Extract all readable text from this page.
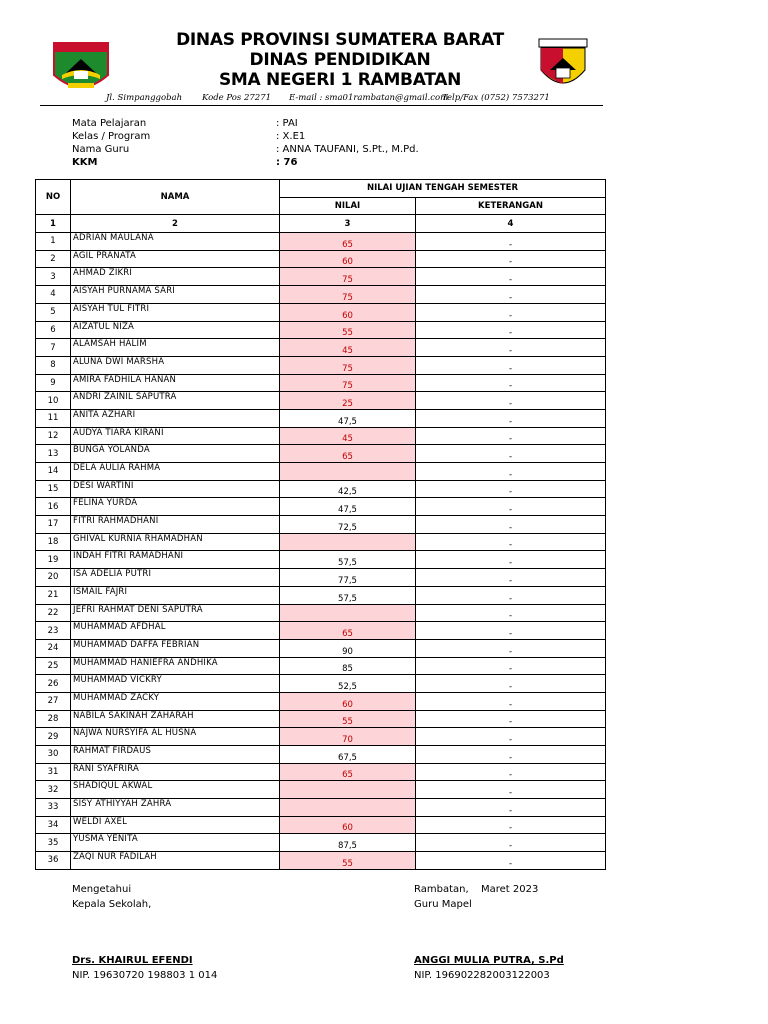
DINAS PROVINSI SUMATERA BARAT
DINAS PENDIDIKAN
SMA NEGERI 1 RAMBATAN
Jl. Simpanggobah Kode Pos 27271 E-mail : sma01rambatan@gmail.com
Telp/Fax (0752) 7573271
Mata Pelajaran	: PAI
Kelas / Program	: X.E1
Nama Guru	: ANNA TAUFANI, S.Pt., M.Pd.
KKM	: 76
NO	NAMA	NILAI UJIAN TENGAH SEMESTER	
		NILAI	KETERANGAN
1	2	3	4
1	ADRIAN MAULANA	65	-
2	AGIL PRANATA	60	-
3	AHMAD ZIKRI	75	-
4	AISYAH PURNAMA SARI	75	-
5	AISYAH TUL FITRI	60	-
6	AIZATUL NIZA	55	-
7	ALAMSAH HALIM	45	-
8	ALUNA DWI MARSHA	75	-
9	AMIRA FADHILA HANAN	75	-
10	ANDRI ZAINIL SAPUTRA	25	-
11	ANITA AZHARI	47,5	-
12	AUDYA TIARA KIRANI	45	-
13	BUNGA YOLANDA	65	-
14	DELA AULIA RAHMA		-
15	DESI WARTINI	42,5	-
16	FELINA YURDA	47,5	-
17	FITRI RAHMADHANI	72,5	-
18	GHIVAL KURNIA RHAMADHAN		-
19	INDAH FITRI RAMADHANI	57,5	-
20	ISA ADELIA PUTRI	77,5	-
21	ISMAIL FAJRI	57,5	-
22	JEFRI RAHMAT DENI SAPUTRA		-
23	MUHAMMAD AFDHAL	65	-
24	MUHAMMAD DAFFA FEBRIAN	90	-
25	MUHAMMAD HANIEFRA ANDHIKA	85	-
26	MUHAMMAD VICKRY	52,5	-
27	MUHAMMAD ZACKY	60	-
28	NABILA SAKINAH ZAHARAH	55	-
29	NAJWA NURSYIFA AL HUSNA	70	-
30	RAHMAT FIRDAUS	67,5	-
31	RANI SYAFRIRA	65	-
32	SHADIQUL AKWAL		-
33	SISY ATHIYYAH ZAHRA		-
34	WELDI AXEL	60	-
35	YUSMA YENITA	87,5	-
36	ZAQI NUR FADILAH	55	-
Mengetahui
Kepala Sekolah,
Drs. KHAIRUL EFENDI
NIP. 19630720 198803 1 014
Rambatan, Maret 2023
Guru Mapel
ANGGI MULIA PUTRA, S.Pd
NIP. 196902282003122003
